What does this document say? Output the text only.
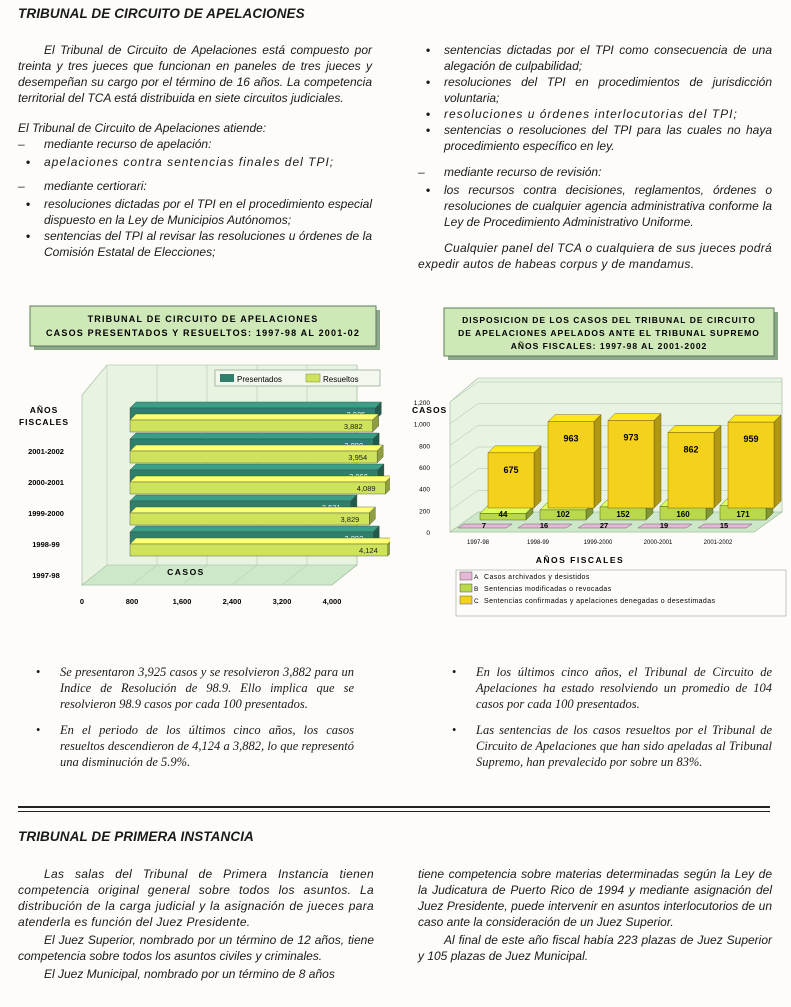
TRIBUNAL DE CIRCUITO DE APELACIONES

El Tribunal de Circuito de Apelaciones está compuesto por treinta y tres jueces que funcionan en paneles de tres jueces y desempeñan su cargo por el término de 16 años. La competencia territorial del TCA está distribuida en siete circuitos judiciales.

El Tribunal de Circuito de Apelaciones atiende:

– mediante recurso de apelación:
• apelaciones contra sentencias finales del TPI;
– mediante certiorari:
• resoluciones dictadas por el TPI en el procedimiento especial dispuesto en la Ley de Municipios Autónomos;
• sentencias del TPI al revisar las resoluciones u órdenes de la Comisión Estatal de Elecciones;
• sentencias dictadas por el TPI como consecuencia de una alegación de culpabilidad;
• resoluciones del TPI en procedimientos de jurisdicción voluntaria;
• resoluciones u órdenes interlocutorias del TPI;
• sentencias o resoluciones del TPI para las cuales no haya procedimiento específico en ley.
– mediante recurso de revisión:
• los recursos contra decisiones, reglamentos, órdenes o resoluciones de cualquier agencia administrativa conforme la Ley de Procedimiento Administrativo Uniforme.

Cualquier panel del TCA o cualquiera de sus jueces podrá expedir autos de habeas corpus y de mandamus.

TRIBUNAL DE CIRCUITO DE APELACIONES
CASOS PRESENTADOS Y RESUELTOS: 1997-98 AL 2001-02
Presentados	Resueltos
AÑOS
FISCALES
CASOS
3,882
3,954
4,089
3,829
4,124
2001-2002
2000-2001
1999-2000
1998-99
1997-98
0	800	1,600	2,400	3,200	4,000
DISPOSICION DE LOS CASOS DEL TRIBUNAL DE CIRCUITO
DE APELACIONES APELADOS ANTE EL TRIBUNAL SUPREMO
AÑOS FISCALES: 1997-98 AL 2001-2002
CASOS
0
200
400
600
800
1,000
1,200
7
44
675
16
102
963
27
152
973
19
160
862
15
171
959
1997-98	1998-99	1999-2000	2000-2001	2001-2002
AÑOS FISCALES
A Casos archivados y desistidos
B Sentencias modificadas o revocadas
C Sentencias confirmadas y apelaciones denegadas o desestimadas
• Se presentaron 3,925 casos y se resolvieron 3,882 para un Indice de Resolución de 98.9. Ello implica que se resolvieron 98.9 casos por cada 100 presentados.
• En el periodo de los últimos cinco años, los casos resueltos descendieron de 4,124 a 3,882, lo que representó una disminución de 5.9%.
• En los últimos cinco años, el Tribunal de Circuito de Apelaciones ha estado resolviendo un promedio de 104 casos por cada 100 presentados.
• Las sentencias de los casos resueltos por el Tribunal de Circuito de Apelaciones que han sido apeladas al Tribunal Supremo, han prevalecido por sobre un 83%.
TRIBUNAL DE PRIMERA INSTANCIA

Las salas del Tribunal de Primera Instancia tienen competencia original general sobre todos los asuntos. La distribución de la carga judicial y la asignación de jueces para atenderla es función del Juez Presidente.

El Juez Superior, nombrado por un término de 12 años, tiene competencia sobre todos los asuntos civiles y criminales.

El Juez Municipal, nombrado por un término de 8 años

tiene competencia sobre materias determinadas según la Ley de la Judicatura de Puerto Rico de 1994 y mediante asignación del Juez Presidente, puede intervenir en asuntos interlocutorios de un caso ante la consideración de un Juez Superior.

Al final de este año fiscal había 223 plazas de Juez Superior y 105 plazas de Juez Municipal.
